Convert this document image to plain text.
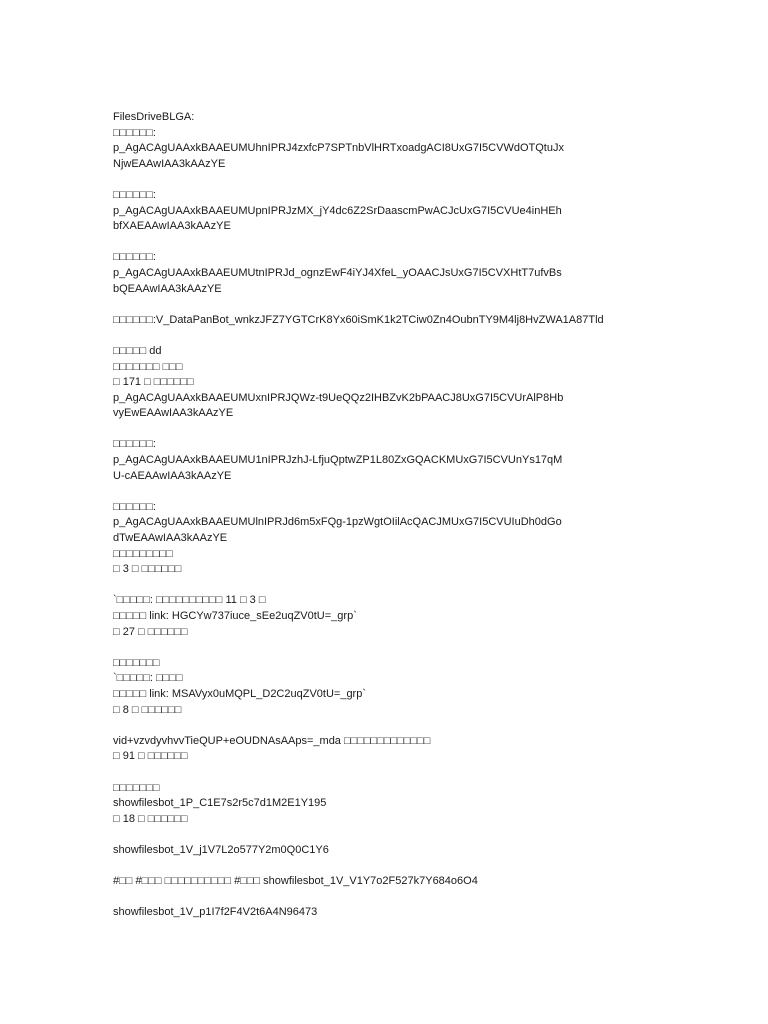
FilesDriveBLGA:
□□□□□□:
p_AgACAgUAAxkBAAEUMUhnIPRJ4zxfcP7SPTnbVlHRTxoadgACI8UxG7I5CVWdOTQtuJx
NjwEAAwIAA3kAAzYE
□□□□□□:
p_AgACAgUAAxkBAAEUMUpnIPRJzMX_jY4dc6Z2SrDaascmPwACJcUxG7I5CVUe4inHEh
bfXAEAAwIAA3kAAzYE
□□□□□□:
p_AgACAgUAAxkBAAEUMUtnIPRJd_ognzEwF4iYJ4XfeL_yOAACJsUxG7I5CVXHtT7ufvBs
bQEAAwIAA3kAAzYE
□□□□□□:V_DataPanBot_wnkzJFZ7YGTCrK8Yx60iSmK1k2TCiw0Zn4OubnTY9M4lj8HvZWA1A87Tld
□□□□□ dd
□□□□□□□ □□□
□ 171 □ □□□□□□
p_AgACAgUAAxkBAAEUMUxnIPRJQWz-t9UeQQz2IHBZvK2bPAACJ8UxG7I5CVUrAlP8Hb
vyEwEAAwIAA3kAAzYE
□□□□□□:
p_AgACAgUAAxkBAAEUMU1nIPRJzhJ-LfjuQptwZP1L80ZxGQACKMUxG7I5CVUnYs17qM
U-cAEAAwIAA3kAAzYE
□□□□□□:
p_AgACAgUAAxkBAAEUMUlnIPRJd6m5xFQg-1pzWgtOIilAcQACJMUxG7I5CVUIuDh0dGo
dTwEAAwIAA3kAAzYE
□□□□□□□□□
□ 3 □ □□□□□□
`□□□□□: □□□□□□□□□□ 11 □ 3 □
□□□□□ link: HGCYw737iuce_sEe2uqZV0tU=_grp`
□ 27 □ □□□□□□
□□□□□□□
`□□□□□: □□□□
□□□□□ link: MSAVyx0uMQPL_D2C2uqZV0tU=_grp`
□ 8 □ □□□□□□
vid+vzvdyvhvvTieQUP+eOUDNAsAAps=_mda □□□□□□□□□□□□□
□ 91 □ □□□□□□
□□□□□□□
showfilesbot_1P_C1E7s2r5c7d1M2E1Y195
□ 18 □ □□□□□□
showfilesbot_1V_j1V7L2o577Y2m0Q0C1Y6
#□□ #□□□ □□□□□□□□□□ #□□□ showfilesbot_1V_V1Y7o2F527k7Y684o6O4
showfilesbot_1V_p1I7f2F4V2t6A4N96473
